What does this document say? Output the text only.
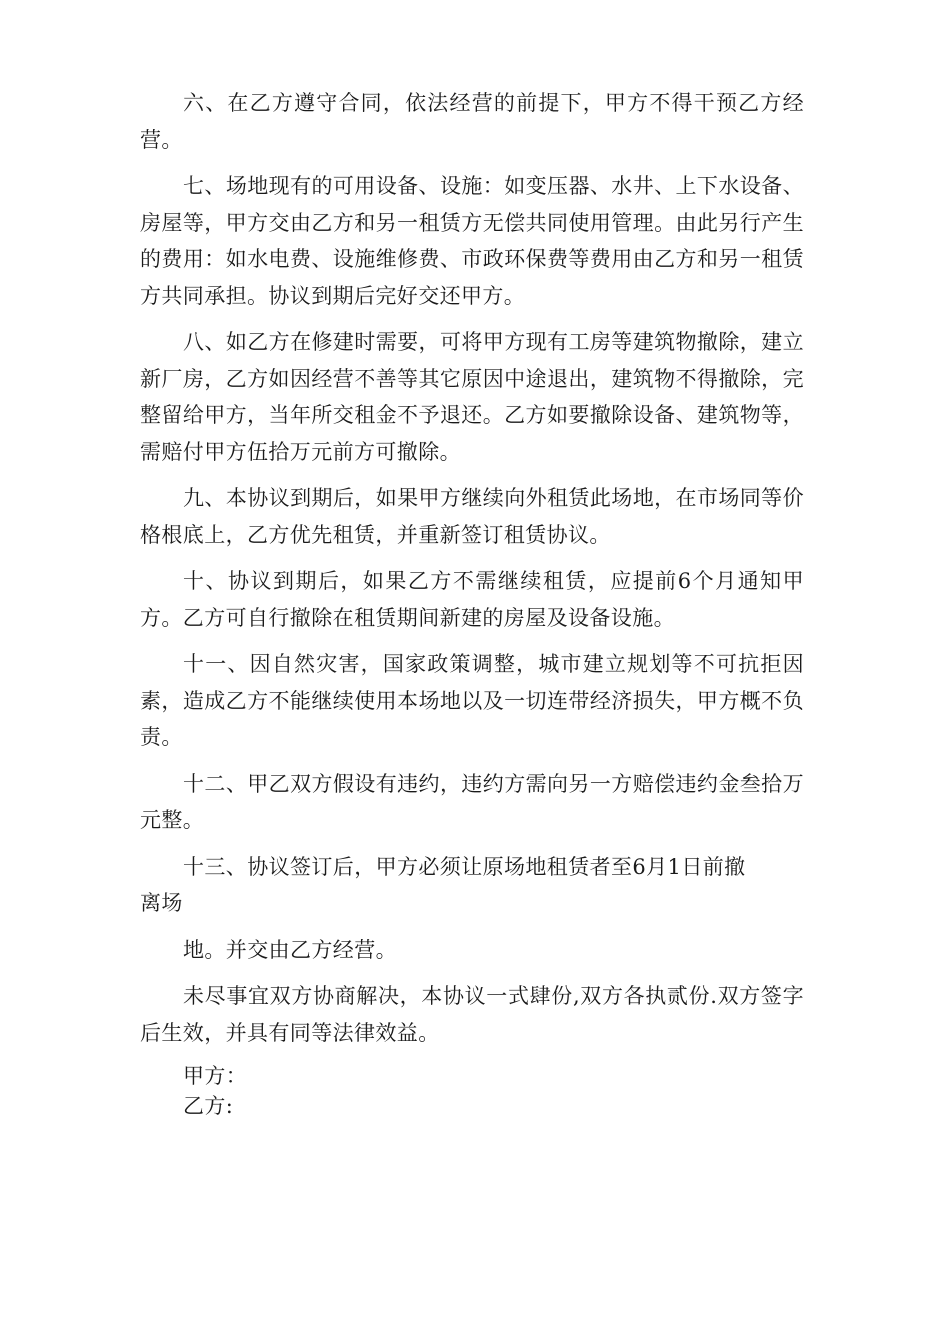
六、在乙方遵守合同，依法经营的前提下，甲方不得干预乙方经营。

七、场地现有的可用设备、设施：如变压器、水井、上下水设备、房屋等，甲方交由乙方和另一租赁方无偿共同使用管理。由此另行产生的费用：如水电费、设施维修费、市政环保费等费用由乙方和另一租赁方共同承担。协议到期后完好交还甲方。

八、如乙方在修建时需要，可将甲方现有工房等建筑物撤除，建立新厂房，乙方如因经营不善等其它原因中途退出，建筑物不得撤除，完整留给甲方，当年所交租金不予退还。乙方如要撤除设备、建筑物等，需赔付甲方伍拾万元前方可撤除。

九、本协议到期后，如果甲方继续向外租赁此场地，在市场同等价格根底上，乙方优先租赁，并重新签订租赁协议。

十、协议到期后，如果乙方不需继续租赁，应提前6个月通知甲方。乙方可自行撤除在租赁期间新建的房屋及设备设施。

十一、因自然灾害，国家政策调整，城市建立规划等不可抗拒因素，造成乙方不能继续使用本场地以及一切连带经济损失，甲方概不负责。

十二、甲乙双方假设有违约，违约方需向另一方赔偿违约金叁拾万元整。

十三、协议签订后，甲方必须让原场地租赁者至6月1日前撤

离场

地。并交由乙方经营。

未尽事宜双方协商解决，本协议一式肆份,双方各执贰份.双方签字后生效，并具有同等法律效益。

甲方：

乙方:
